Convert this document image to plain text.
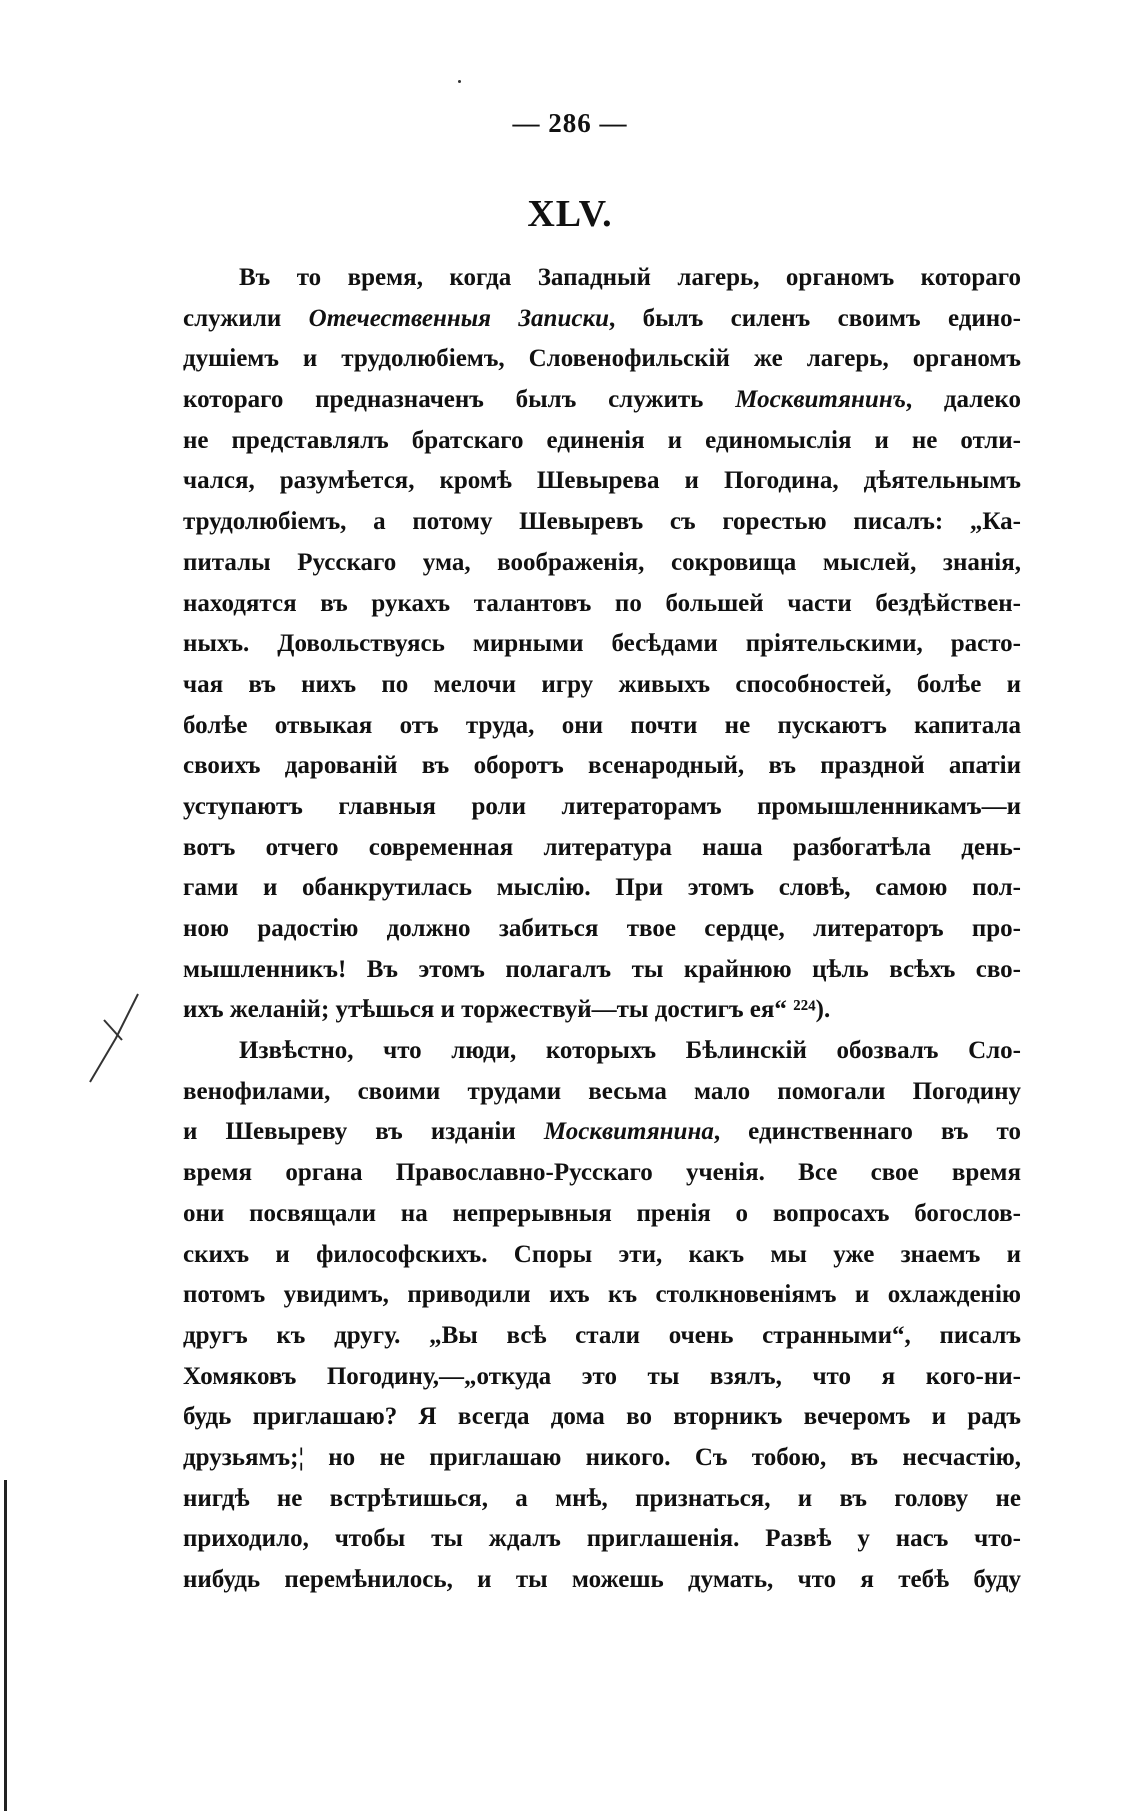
— 286 —
XLV.
Въ то время, когда Западный лагерь, органомъ котораго
служили Отечественныя Записки, былъ силенъ своимъ едино-
душіемъ и трудолюбіемъ, Словенофильскій же лагерь, органомъ
котораго предназначенъ былъ служить Москвитянинъ, далеко
не представлялъ братскаго единенія и единомыслія и не отли-
чался, разумѣется, кромѣ Шевырева и Погодина, дѣятельнымъ
трудолюбіемъ, а потому Шевыревъ съ горестью писалъ: „Ка-
питалы Русскаго ума, воображенія, сокровища мыслей, знанія,
находятся въ рукахъ талантовъ по большей части бездѣйствен-
ныхъ. Довольствуясь мирными бесѣдами пріятельскими, расто-
чая въ нихъ по мелочи игру живыхъ способностей, болѣе и
болѣе отвыкая отъ труда, они почти не пускаютъ капитала
своихъ дарованій въ оборотъ всенародный, въ праздной апатіи
уступаютъ главныя роли литераторамъ промышленникамъ—и
вотъ отчего современная литература наша разбогатѣла день-
гами и обанкрутилась мыслію. При этомъ словѣ, самою пол-
ною радостію должно забиться твое сердце, литераторъ про-
мышленникъ! Въ этомъ полагалъ ты крайнюю цѣль всѣхъ сво-
ихъ желаній; утѣшься и торжествуй—ты достигъ ея“ ²²⁴).
Извѣстно, что люди, которыхъ Бѣлинскій обозвалъ Сло-
венофилами, своими трудами весьма мало помогали Погодину
и Шевыреву въ изданіи Москвитянина, единственнаго въ то
время органа Православно-Русскаго ученія. Все свое время
они посвящали на непрерывныя пренія о вопросахъ богослов-
скихъ и философскихъ. Споры эти, какъ мы уже знаемъ и
потомъ увидимъ, приводили ихъ къ столкновеніямъ и охлажденію
другъ къ другу. „Вы всѣ стали очень странными“, писалъ
Хомяковъ Погодину,—„откуда это ты взялъ, что я кого-ни-
будь приглашаю? Я всегда дома во вторникъ вечеромъ и радъ
друзьямъ;¦ но не приглашаю никого. Съ тобою, въ несчастію,
нигдѣ не встрѣтишься, а мнѣ, признаться, и въ голову не
приходило, чтобы ты ждалъ приглашенія. Развѣ у насъ что-
нибудь перемѣнилось, и ты можешь думать, что я тебѣ буду
